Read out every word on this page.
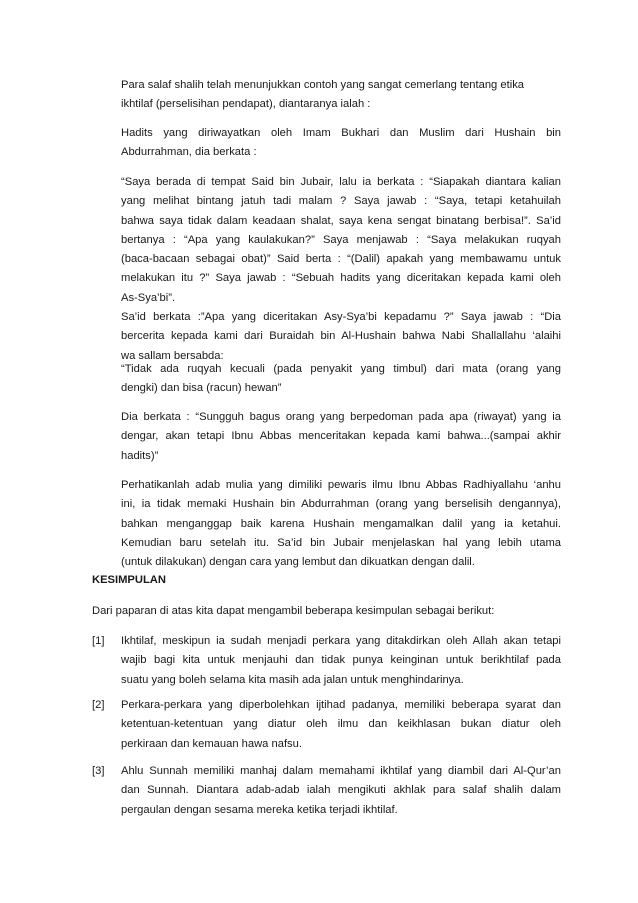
Para salaf shalih telah menunjukkan contoh yang sangat cemerlang tentang etika
ikhtilaf (perselisihan pendapat), diantaranya ialah :
Hadits yang diriwayatkan oleh Imam Bukhari dan Muslim dari Hushain bin
Abdurrahman, dia berkata :
“Saya berada di tempat Said bin Jubair, lalu ia berkata : “Siapakah diantara kalian
yang melihat bintang jatuh tadi malam ? Saya jawab : “Saya, tetapi ketahuilah
bahwa saya tidak dalam keadaan shalat, saya kena sengat binatang berbisa!”. Sa’id
bertanya : “Apa yang kaulakukan?” Saya menjawab : “Saya melakukan ruqyah
(baca-bacaan sebagai obat)” Said berta : “(Dalil) apakah yang membawamu untuk
melakukan itu ?” Saya jawab : “Sebuah hadits yang diceritakan kepada kami oleh
As-Sya’bi”.
Sa’id berkata :”Apa yang diceritakan Asy-Sya’bi kepadamu ?” Saya jawab : “Dia
bercerita kepada kami dari Buraidah bin Al-Hushain bahwa Nabi Shallallahu ‘alaihi
wa sallam bersabda:
“Tidak ada ruqyah kecuali (pada penyakit yang timbul) dari mata (orang yang
dengki) dan bisa (racun) hewan”
Dia berkata : “Sungguh bagus orang yang berpedoman pada apa (riwayat) yang ia
dengar, akan tetapi Ibnu Abbas menceritakan kepada kami bahwa...(sampai akhir
hadits)”
Perhatikanlah adab mulia yang dimiliki pewaris ilmu Ibnu Abbas Radhiyallahu ‘anhu
ini, ia tidak memaki Hushain bin Abdurrahman (orang yang berselisih dengannya),
bahkan menganggap baik karena Hushain mengamalkan dalil yang ia ketahui.
Kemudian baru setelah itu. Sa’id bin Jubair menjelaskan hal yang lebih utama
(untuk dilakukan) dengan cara yang lembut dan dikuatkan dengan dalil.
KESIMPULAN
Dari paparan di atas kita dapat mengambil beberapa kesimpulan sebagai berikut:
[1] Ikhtilaf, meskipun ia sudah menjadi perkara yang ditakdirkan oleh Allah akan tetapi
wajib bagi kita untuk menjauhi dan tidak punya keinginan untuk berikhtilaf pada
suatu yang boleh selama kita masih ada jalan untuk menghindarinya.
[2] Perkara-perkara yang diperbolehkan ijtihad padanya, memiliki beberapa syarat dan
ketentuan-ketentuan yang diatur oleh ilmu dan keikhlasan bukan diatur oleh
perkiraan dan kemauan hawa nafsu.
[3] Ahlu Sunnah memiliki manhaj dalam memahami ikhtilaf yang diambil dari Al-Qur’an
dan Sunnah. Diantara adab-adab ialah mengikuti akhlak para salaf shalih dalam
pergaulan dengan sesama mereka ketika terjadi ikhtilaf.
